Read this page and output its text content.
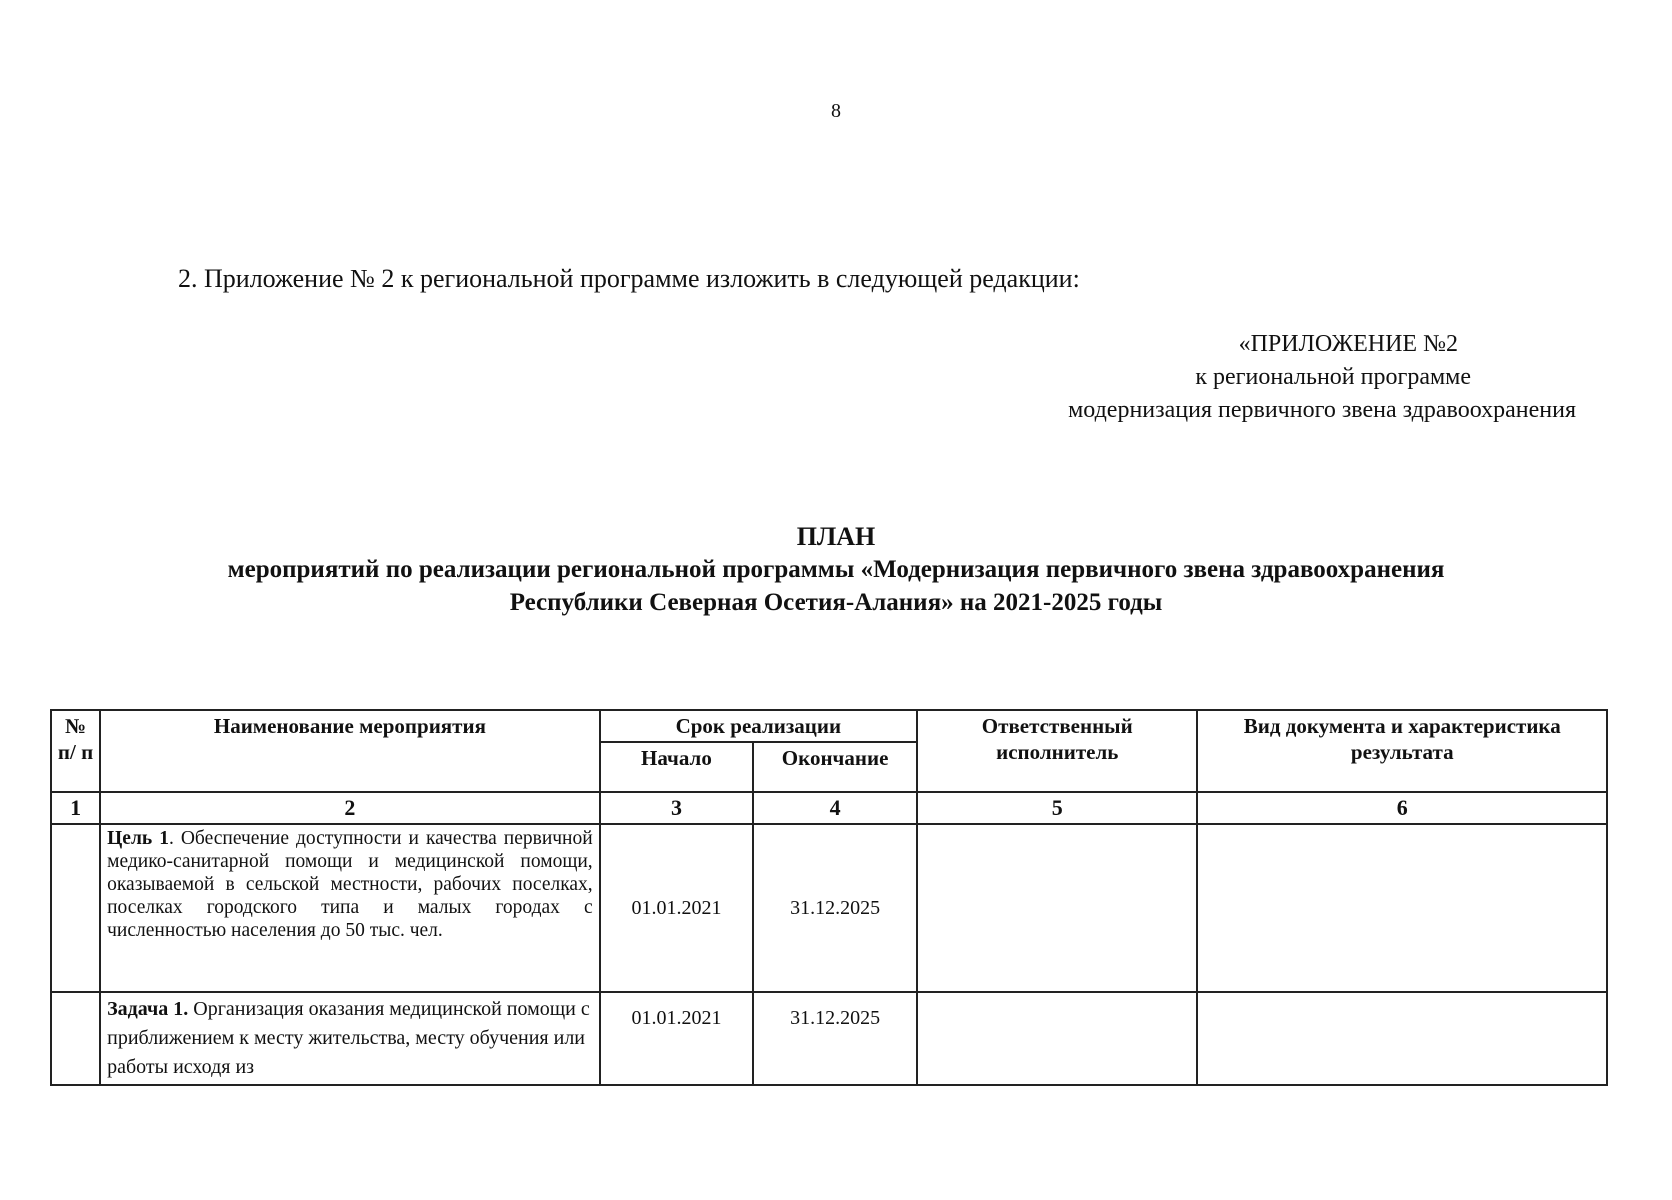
8
2. Приложение № 2 к региональной программе изложить в следующей редакции:
«ПРИЛОЖЕНИЕ №2
к региональной программе
модернизация первичного звена здравоохранения
ПЛАН
мероприятий по реализации региональной программы «Модернизация первичного звена здравоохранения
Республики Северная Осетия-Алания» на 2021-2025 годы
№ п/ п	Наименование мероприятия	Срок реализации		Ответственный исполнитель	Вид документа и характеристика результата
		Начало	Окончание		
1	2	3	4	5	6
	Цель 1. Обеспечение доступности и качества первичной медико-санитарной помощи и медицинской помощи, оказываемой в сельской местности, рабочих поселках, поселках городского типа и малых городах с численностью населения до 50 тыс. чел.	01.01.2021	31.12.2025		
	Задача 1. Организация оказания медицинской помощи с приближением к месту жительства, месту обучения или работы исходя из	01.01.2021	31.12.2025		
